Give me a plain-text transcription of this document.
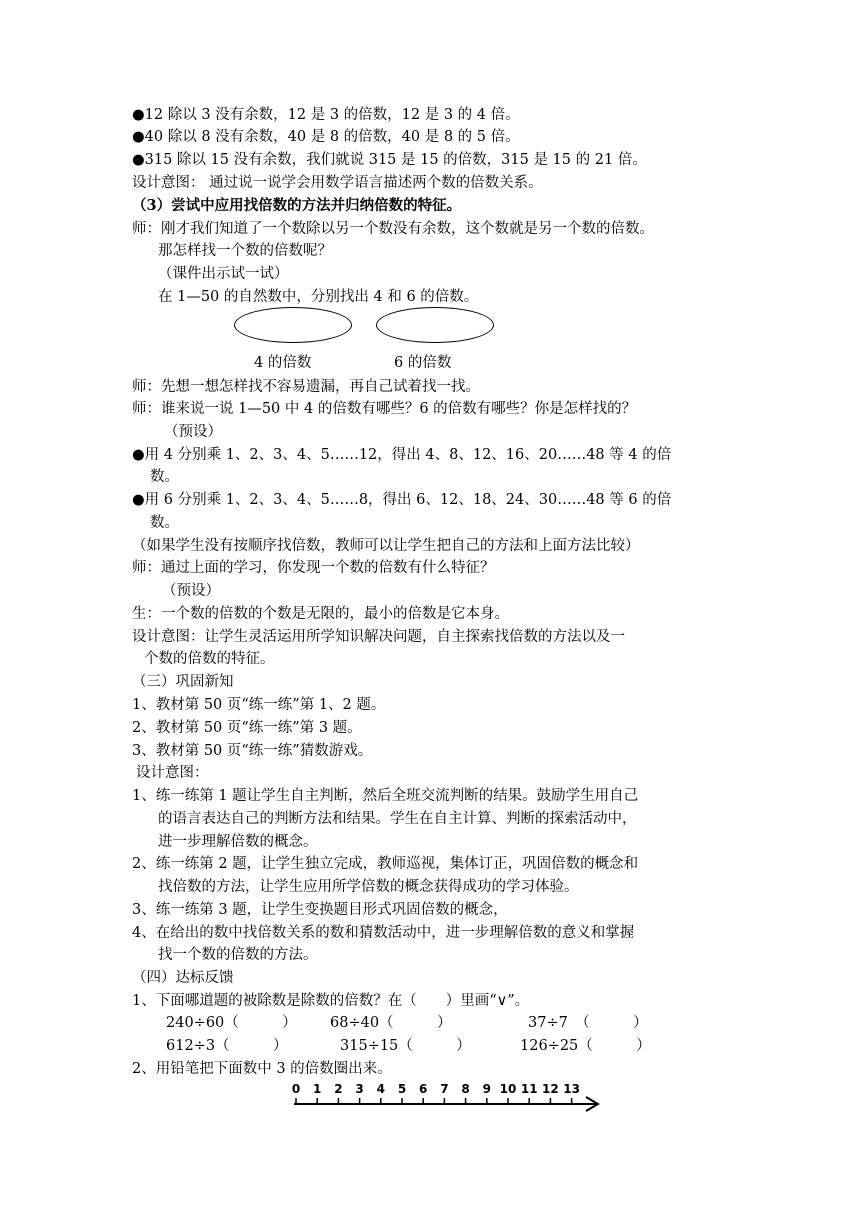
●12 除以 3 没有余数，12 是 3 的倍数，12 是 3 的 4 倍。
●40 除以 8 没有余数，40 是 8 的倍数，40 是 8 的 5 倍。
●315 除以 15 没有余数，我们就说 315 是 15 的倍数，315 是 15 的 21 倍。
设计意图： 通过说一说学会用数学语言描述两个数的倍数关系。
（3）尝试中应用找倍数的方法并归纳倍数的特征。
师：刚才我们知道了一个数除以另一个数没有余数，这个数就是另一个数的倍数。
那怎样找一个数的倍数呢？
（课件出示试一试）
在 1—50 的自然数中，分别找出 4 和 6 的倍数。
4 的倍数	6 的倍数
师：先想一想怎样找不容易遗漏，再自己试着找一找。
师：谁来说一说 1—50 中 4 的倍数有哪些？6 的倍数有哪些？你是怎样找的？
（预设）
●用 4 分别乘 1、2、3、4、5……12，得出 4、8、12、16、20……48 等 4 的倍
数。
●用 6 分别乘 1、2、3、4、5……8，得出 6、12、18、24、30……48 等 6 的倍
数。
（如果学生没有按顺序找倍数，教师可以让学生把自己的方法和上面方法比较）
师：通过上面的学习，你发现一个数的倍数有什么特征？
（预设）
生：一个数的倍数的个数是无限的，最小的倍数是它本身。
设计意图：让学生灵活运用所学知识解决问题，自主探索找倍数的方法以及一
个数的倍数的特征。
（三）巩固新知
1、教材第 50 页“练一练”第 1、2 题。
2、教材第 50 页“练一练”第 3 题。
3、教材第 50 页“练一练”猜数游戏。
设计意图：
1、练一练第 1 题让学生自主判断，然后全班交流判断的结果。鼓励学生用自己
的语言表达自己的判断方法和结果。学生在自主计算、判断的探索活动中，
进一步理解倍数的概念。
2、练一练第 2 题，让学生独立完成，教师巡视，集体订正，巩固倍数的概念和
找倍数的方法，让学生应用所学倍数的概念获得成功的学习体验。
3、练一练第 3 题，让学生变换题目形式巩固倍数的概念，
4、在给出的数中找倍数关系的数和猜数活动中，进一步理解倍数的意义和掌握
找一个数的倍数的方法。
（四）达标反馈
1、下面哪道题的被除数是除数的倍数？在（　　）里画“∨”。
240÷60（　　　） 68÷40（　　　）	37÷7　（　　　）
612÷3（　　　）	315÷15（　　　）	126÷25（　　　）
2、用铅笔把下面数中 3 的倍数圈出来。
0 1 2 3 4 5 6 7 8 9 10 11 12 13
